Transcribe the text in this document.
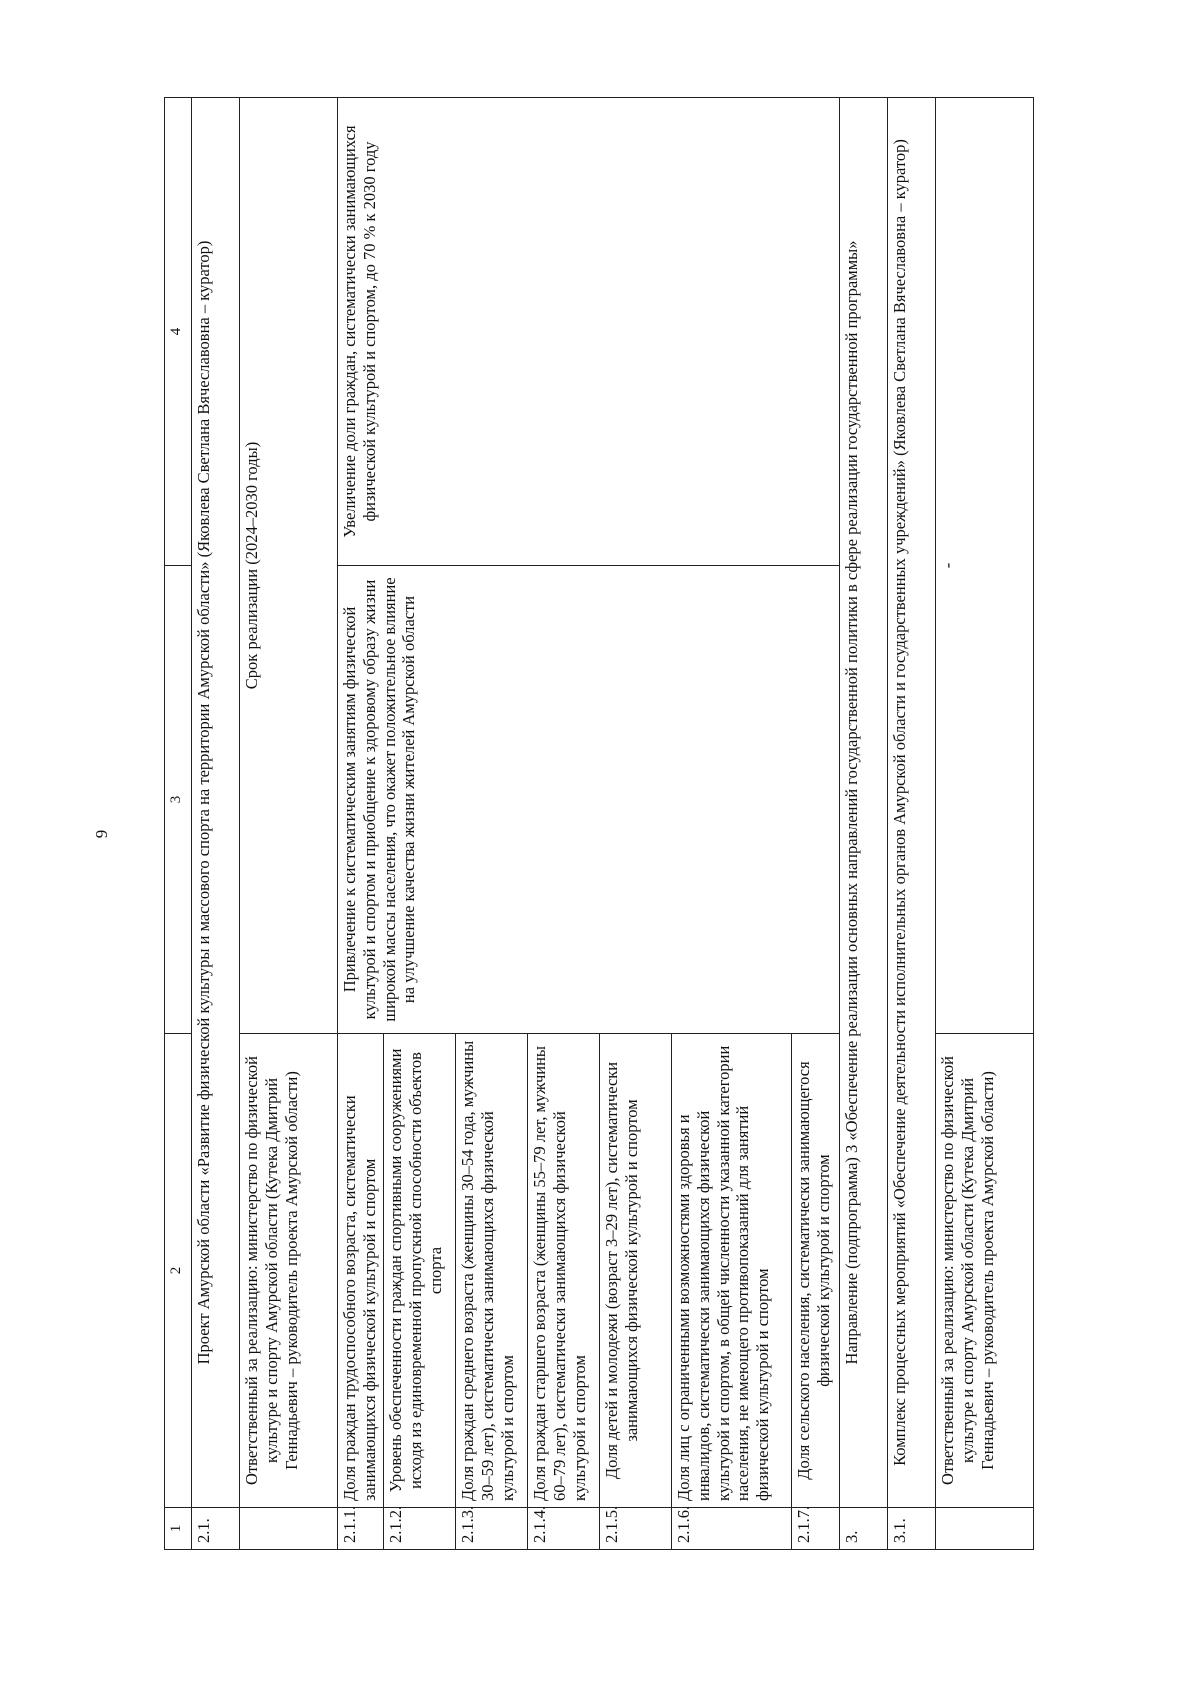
9
1	2	3	4
2.1.	Проект Амурской области «Развитие физической культуры и массового спорта на территории Амурской области» (Яковлева Светлана Вячеславовна – куратор)		
	Ответственный за реализацию: министерство по физической культуре и спорту Амурской области (Кутека Дмитрий Геннадьевич – руководитель проекта Амурской области)	Срок реализации (2024–2030 годы)	
2.1.1.	Доля граждан трудоспособного возраста, систематически занимающихся физической культурой и спортом	Привлечение к систематическим занятиям физической культурой и спортом и приобщение к здоровому образу жизни широкой массы населения, что окажет положительное влияние на улучшение качества жизни жителей Амурской области	Увеличение доли граждан, систематически занимающихся физической культурой и спортом, до 70 % к 2030 году
2.1.2.	Уровень обеспеченности граждан спортивными сооружениями исходя из единовременной пропускной способности объектов спорта		
2.1.3.	Доля граждан среднего возраста (женщины 30–54 года, мужчины 30–59 лет), систематически занимающихся физической культурой и спортом		
2.1.4.	Доля граждан старшего возраста (женщины 55–79 лет, мужчины 60–79 лет), систематически занимающихся физической культурой и спортом		
2.1.5.	Доля детей и молодежи (возраст 3–29 лет), систематически занимающихся физической культурой и спортом		
2.1.6.	Доля лиц с ограниченными возможностями здоровья и инвалидов, систематически занимающихся физической культурой и спортом, в общей численности указанной категории населения, не имеющего противопоказаний для занятий физической культурой и спортом		
2.1.7.	Доля сельского населения, систематически занимающегося физической культурой и спортом		
3.	Направление (подпрограмма) 3 «Обеспечение реализации основных направлений государственной политики в сфере реализации государственной программы»		
3.1.	Комплекс процессных мероприятий «Обеспечение деятельности исполнительных органов Амурской области и государственных учреждений» (Яковлева Светлана Вячеславовна – куратор)		
	Ответственный за реализацию: министерство по физической культуре и спорту Амурской области (Кутека Дмитрий Геннадьевич – руководитель проекта Амурской области)	-	
